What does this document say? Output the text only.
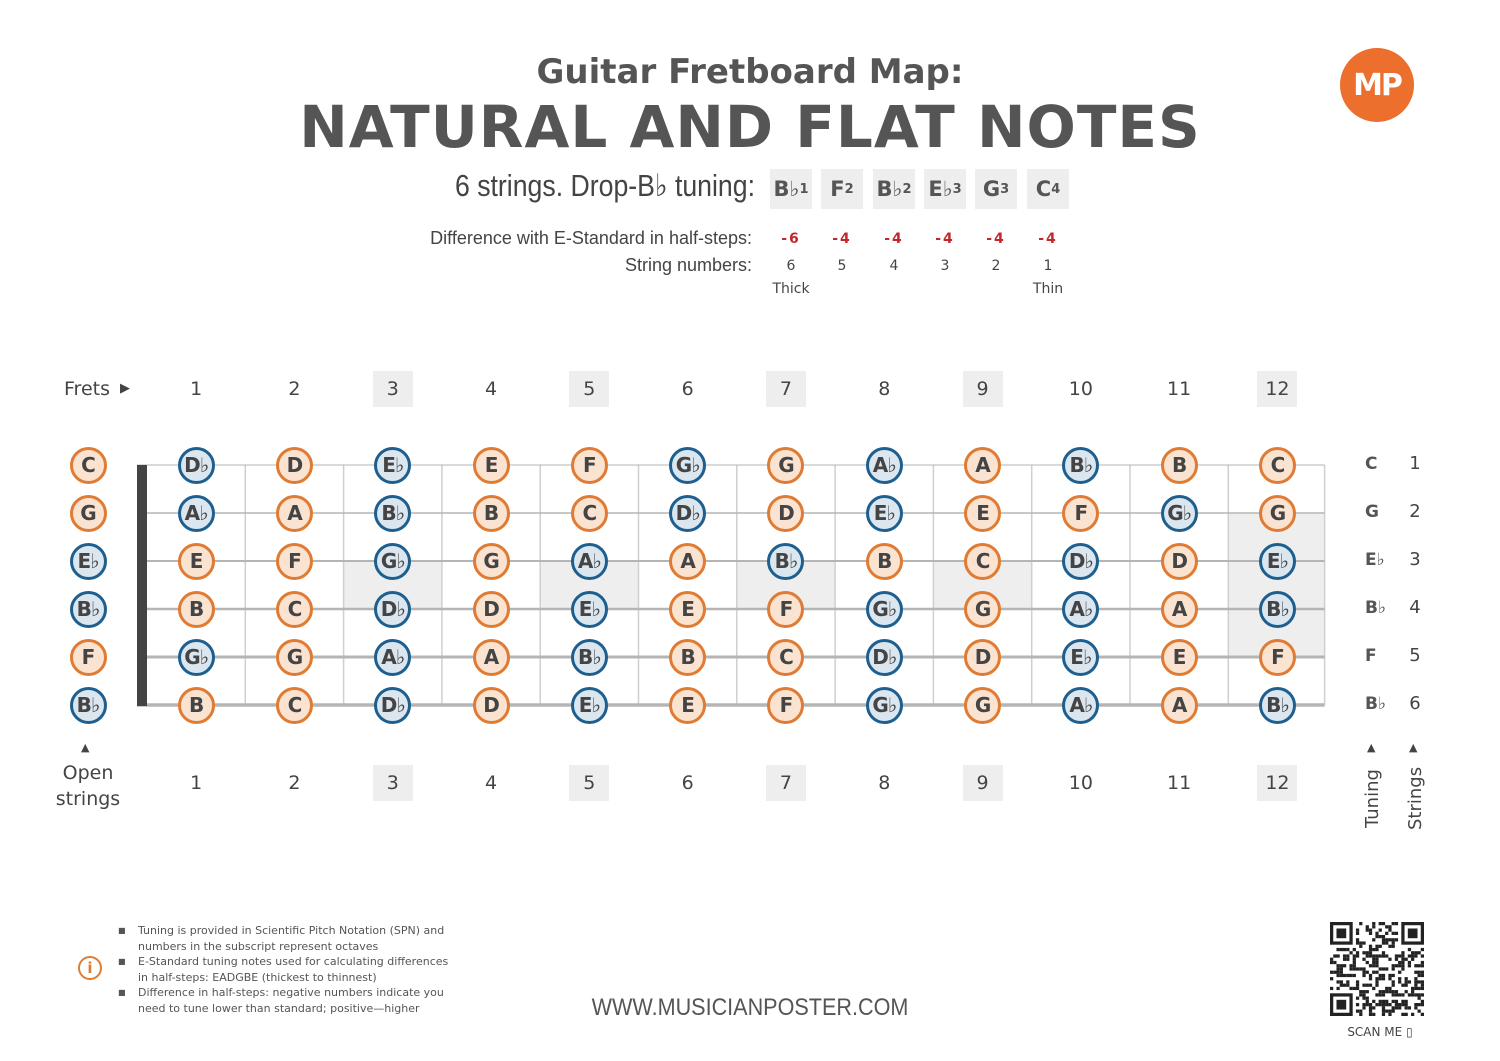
Guitar Fretboard Map:
NATURAL AND FLAT NOTES
MP
6 strings. Drop-B♭ tuning: B♭ 1 F 2 B♭ 2 E♭ 3 G 3 C 4
Difference with E-Standard in half-steps:
String numbers:
-6	-4	-4	-4	-4	-4
6	5	4	3	2	1
Thick	Thin
Frets ▶	1	2	3	4	5	6	7	8	9	10	11	12
1	2	3	4	5	6	7	8	9	10	11	12
C
G
E♭
B♭
F
B♭
D♭	D	E♭	E	F	G♭	G	A♭	A	B♭	B	C
A♭	A	B♭	B	C	D♭	D	E♭	E	F	G♭	G
E	F	G♭	G	A♭	A	B♭	B	C	D♭	D	E♭
B	C	D♭	D	E♭	E	F	G♭	G	A♭	A	B♭
G♭	G	A♭	A	B♭	B	C	D♭	D	E♭	E	F
B	C	D♭	D	E♭	E	F	G♭	G	A♭	A	B♭
C	1
G	2
E♭	3
B♭	4
F	5
B♭	6
▲
Open
strings
▲	▲
Tuning Strings
i
■ Tuning is provided in Scientific Pitch Notation (SPN) and numbers in the subscript represent octaves
■ E-Standard tuning notes used for calculating differences in half-steps: EADGBE (thickest to thinnest)
■ Difference in half-steps: negative numbers indicate you need to tune lower than standard; positive—higher	WWW.MUSICIANPOSTER.COM
SCAN ME ▯
